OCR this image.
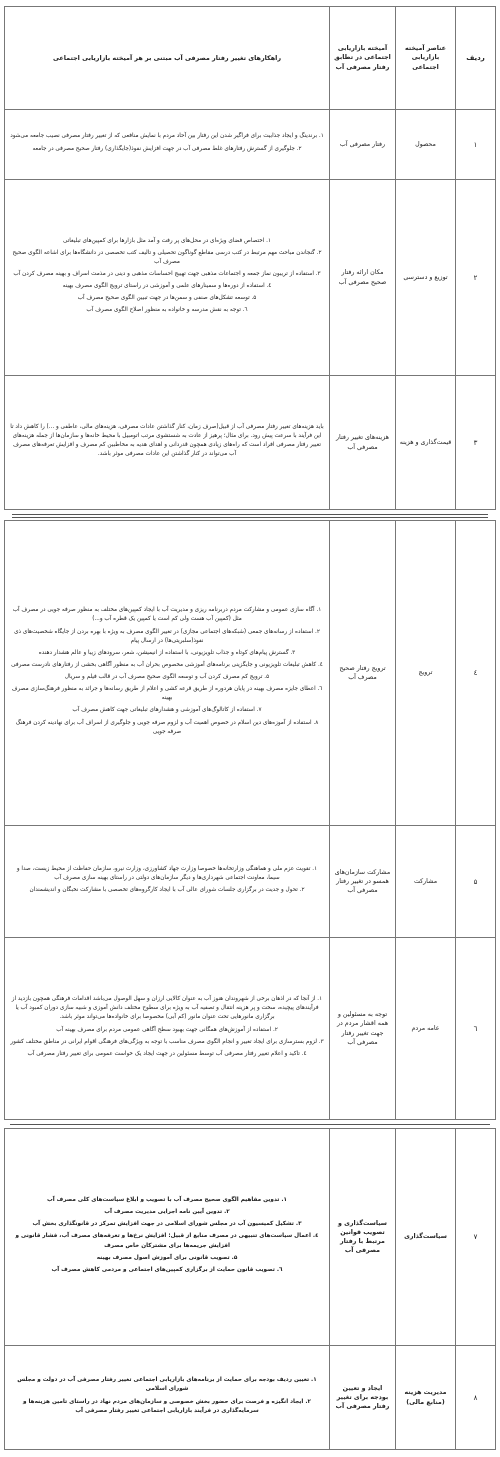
ردیف
عناصر آمیخته بازاریابی اجتماعی
آمیخته بازاریابی اجتماعی در تطابق رفتار مصرفی آب
راهکارهای تغییر رفتار مصرفی آب مبتنی بر هر آمیخته بازاریابی اجتماعی
۱
محصول
رفتار مصرفی آب

۱. برندینگ و ایجاد جذابیت برای فراگیر شدن این رفتار بین آحاد مردم با نمایش منافعی که از تغییر رفتار مصرفی نصیب جامعه می‌شود

۲. جلوگیری از گسترش رفتارهای غلط مصرفی آب در جهت افزایش نفوذ(جایگذاری) رفتار صحیح مصرفی در جامعه

۲
توزیع و دسترسی
مکان ارائه رفتار صحیح مصرفی آب

۱. اختصاص فضای ویژه‌ای در محل‌های پر رفت و آمد مثل بازارها برای کمپین‌های تبلیغاتی

۲. گنجاندن مباحث مهم مرتبط در کتب درسی مقاطع گوناگون تحصیلی و تالیف کتب تخصصی در دانشگاه‌ها برای اشاعه الگوی صحیح مصرف آب

۳. استفاده از تریبون نماز جمعه و اجتماعات مذهبی جهت تهییج احساسات مذهبی و دینی در مذمت اسراف و بهینه مصرف کردن آب

٤. استفاده از دوره‌ها و سمینارهای علمی و آموزشی در راستای ترویج الگوی مصرف بهینه

۵. توسعه تشکل‌های صنفی و سمن‌ها در جهت تبیین الگوی صحیح مصرف آب

٦. توجه به نقش مدرسه و خانواده به منظور اصلاح الگوی مصرف آب

۳
قیمت‌گذاری و هزینه
هزینه‌های تغییر رفتار مصرفی آب

باید هزینه‌های تغییر رفتار مصرفی آب از قبیل(صرف زمان، کنار گذاشتن عادات مصرفی، هزینه‌های مالی، عاطفی و ...) را کاهش داد تا این فرآیند با سرعت پیش رود. برای مثال؛ پرهیز از عادت به شستشوی مرتب اتومبیل با محیط خانه‌ها و سازمان‌ها از جمله هزینه‌های تغییر رفتار مصرفی افراد است که راه‌های زیادی همچون قدردانی و اهدای هدیه به مخاطبین کم مصرف و افزایش تعرفه‌های مصرف آب می‌تواند در کنار گذاشتن این عادات مصرفی موثر باشد.

٤
ترویج
ترویج رفتار صحیح مصرف آب

۱. آگاه سازی عمومی و مشارکت مردم دربرنامه ریزی و مدیریت آب با ایجاد کمپین‌های مختلف به منظور صرفه جویی در مصرف آب مثل (کمپین آب هست ولی کم است یا کمپین یک قطره آب و...)

۲. استفاده از رسانه‌های جمعی (شبکه‌های اجتماعی مجازی) در تغییر الگوی مصرف به ویژه با بهره بردن از جایگاه شخصیت‌های ذی نفوذ(سلبریتی‌ها) در ارسال پیام

۳. گسترش پیام‌های کوتاه و جذاب تلویزیونی، با استفاده از انیمیشن، شعر، سرودهای زیبا و عالم هشدار دهنده

٤. کاهش تبلیغات تلویزیونی و جایگزینی برنامه‌های آموزشی مخصوص بحران آب به منظور آگاهی بخشی از رفتارهای نادرست مصرفی

۵. ترویج کم مصرف کردن آب و توسعه الگوی صحیح مصرف آب در قالب فیلم و سریال

٦. اعطای جایزه مصرف بهینه در پایان هردوره از طریق قرعه کشی و اعلام از طریق رسانه‌ها و جرائد به منظور فرهنگ‌سازی مصرف بهینه

۷. استفاده از کاتالوگ‌های آموزشی و هشدارهای تبلیغاتی جهت کاهش مصرف آب

۸. استفاده از آموزه‌های دین اسلام در خصوص اهمیت آب و لزوم صرفه جویی و جلوگیری از اسراف آب برای نهادینه کردن فرهنگ صرفه جویی

۵
مشارکت
مشارکت سازمان‌های همسو در تغییر رفتار مصرفی آب

۱. تقویت عزم ملی و هماهنگی وزارتخانه‌ها خصوصا وزارت جهاد کشاورزی، وزارت نیرو، سازمان حفاظت از محیط زیست، صدا و سیما، معاونت اجتماعی شهرداری‌ها و دیگر سازمان‌های دولتی در راستای بهینه سازی مصرف آب

۲. تحول و جدیت در برگزاری جلسات شورای عالی آب با ایجاد کارگروه‌های تخصصی با مشارکت نخبگان و اندیشمندان

٦
عامه مردم
توجه به مسئولین و همه اقشار مردم در جهت تغییر رفتار مصرفی آب

۱. از آنجا که در اذهان برخی از شهروندان هنوز آب به عنوان کالایی ارزان و سهل الوصول می‌باشد اقدامات فرهنگی همچون بازدید از فرآیندهای پیچیده، سخت و پر هزینه انتقال و تصفیه آب به ویژه برای سطوح مختلف دانش آموزی و شبیه سازی دوران کمبود آب یا برگزاری مانورهایی تحت عنوان مانور (کم آبی) مخصوصا برای خانواده‌ها می‌تواند موثر باشد.

۲. استفاده از آموزش‌های همگانی جهت بهبود سطح آگاهی عمومی مردم برای مصرف بهینه آب

۳. لزوم بسترسازی برای ایجاد تغییر و انجام الگوی مصرف مناسب با توجه به ویژگی‌های فرهنگی اقوام ایرانی در مناطق مختلف کشور

٤. تاکید و اعلام تغییر رفتار مصرفی آب توسط مسئولین در جهت ایجاد یک خواست عمومی برای تغییر رفتار مصرفی آب

۷
سیاست‌گذاری
سیاست‌گذاری و تصویب قوانین مرتبط با رفتار مصرفی آب

۱. تدوین مفاهیم الگوی صحیح مصرف آب با تصویب و ابلاغ سیاست‌های کلی مصرف آب

۲. تدوین آیین نامه اجرایی مدیریت مصرف آب

۳. تشکیل کمیسیون آب در مجلس شورای اسلامی در جهت افزایش تمرکز در قانونگذاری بخش آب

٤. اعمال سیاست‌های تنبیهی در مصرف منابع از قبیل: افزایش نرخ‌ها و تعرفه‌های مصرف آب، فشار قانونی و افزایش جریمه‌ها برای مشترکان خاص مصرف

۵. تصویب قانونی برای آموزش اصول مصرف بهینه

٦. تصویب قانون حمایت از برگزاری کمپین‌های اجتماعی و مردمی کاهش مصرف آب

۸
مدیریت هزینه (منابع مالی)
ایجاد و تعیین بودجه برای تغییر رفتار مصرفی آب

۱. تعیین ردیف بودجه برای حمایت از برنامه‌های بازاریابی اجتماعی تغییر رفتار مصرفی آب در دولت و مجلس شورای اسلامی

۲. ایجاد انگیزه و فرصت برای حضور بخش خصوصی و سازمان‌های مردم نهاد در راستای تامین هزینه‌ها و سرمایه‌گذاری در فرآیند بازاریابی اجتماعی تغییر رفتار مصرفی آب
